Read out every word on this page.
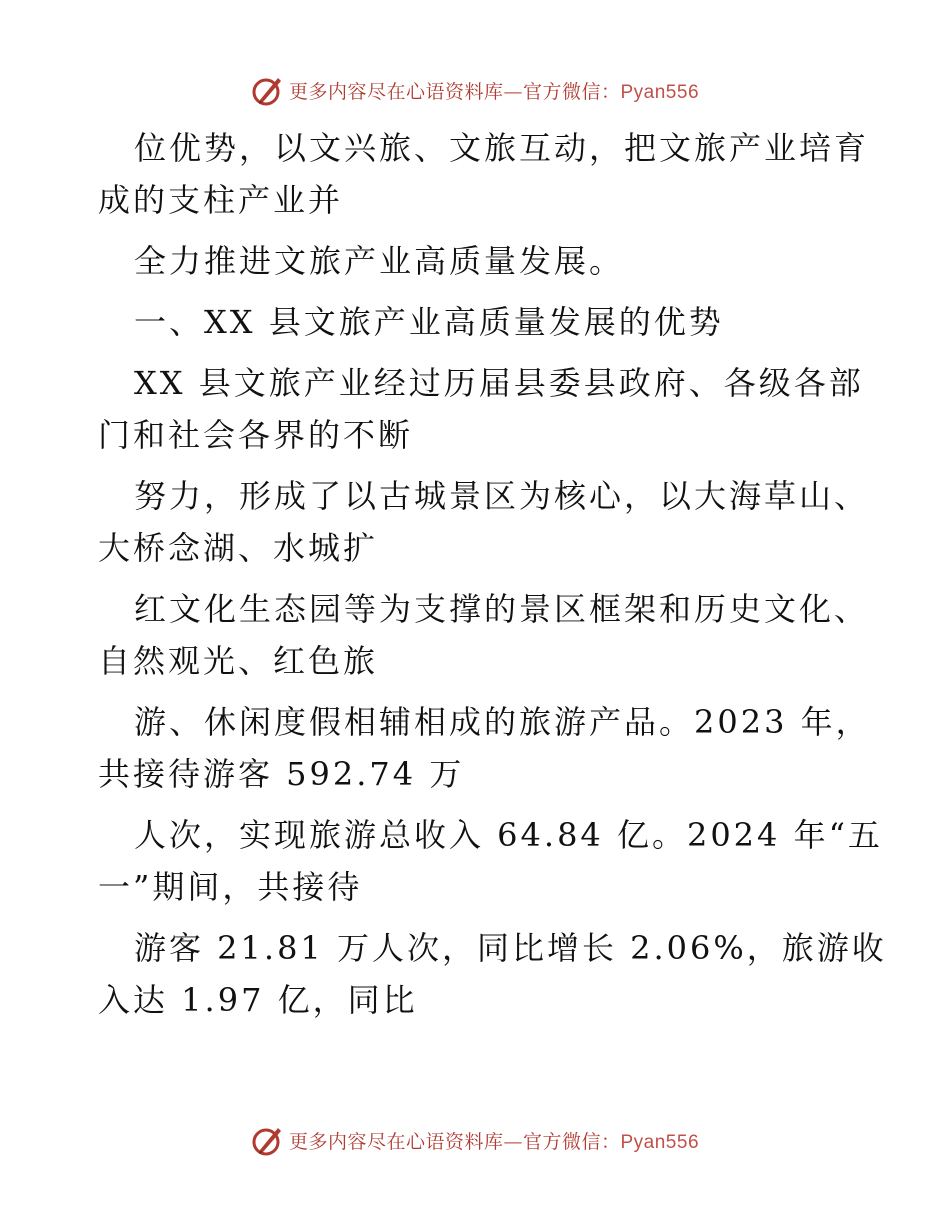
更多内容尽在心语资料库—官方微信：Pyan556
位优势，以文兴旅、文旅互动，把文旅产业培育
成的支柱产业并
全力推进文旅产业高质量发展。
一、XX 县文旅产业高质量发展的优势
XX 县文旅产业经过历届县委县政府、各级各部
门和社会各界的不断
努力，形成了以古城景区为核心，以大海草山、
大桥念湖、水城扩
红文化生态园等为支撑的景区框架和历史文化、
自然观光、红色旅
游、休闲度假相辅相成的旅游产品。2023 年，
共接待游客 592.74 万
人次，实现旅游总收入 64.84 亿。2024 年“五
一”期间，共接待
游客 21.81 万人次，同比增长 2.06%，旅游收
入达 1.97 亿，同比
更多内容尽在心语资料库—官方微信：Pyan556
